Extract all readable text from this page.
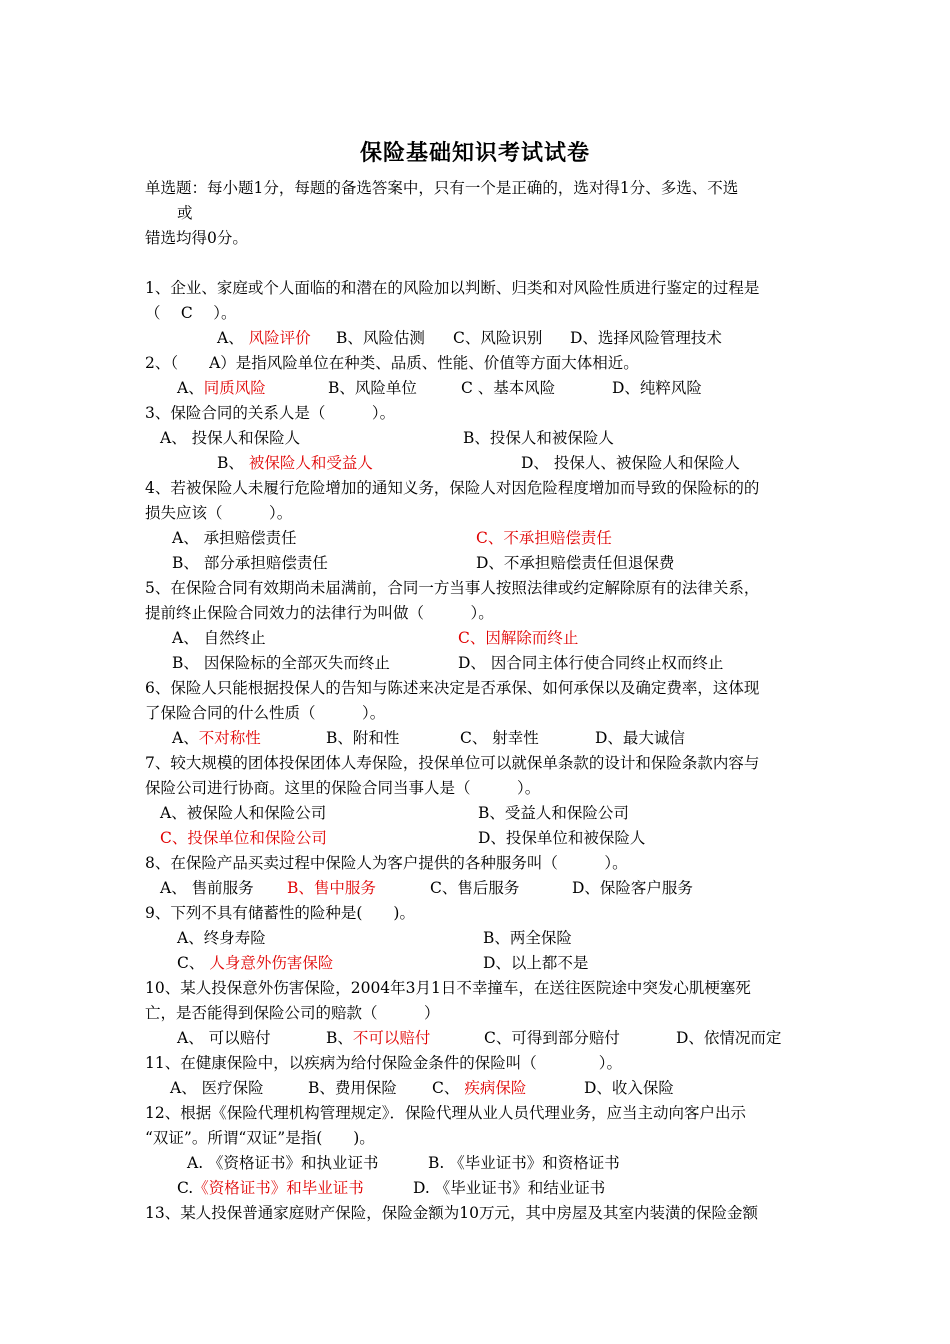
保险基础知识考试试卷
单选题：每小题1分，每题的备选答案中，只有一个是正确的，选对得1分、多选、不选
或
错选均得0分。
1、企业、家庭或个人面临的和潜在的风险加以判断、归类和对风险性质进行鉴定的过程是
（　 C　 ）。
A、 风险评价 B、风险估测 C、风险识别 D、选择风险管理技术
2、（　　A）是指风险单位在种类、品质、性能、价值等方面大体相近。
A、同质风险	B、风险单位	C 、基本风险	D、纯粹风险
3、保险合同的关系人是（　　　）。
A、 投保人和保险人	B、投保人和被保险人
B、 被保险人和受益人	D、 投保人、被保险人和保险人
4、若被保险人未履行危险增加的通知义务，保险人对因危险程度增加而导致的保险标的的
损失应该（　　　）。
A、 承担赔偿责任	C、不承担赔偿责任
B、 部分承担赔偿责任	D、不承担赔偿责任但退保费
5、在保险合同有效期尚未届满前，合同一方当事人按照法律或约定解除原有的法律关系，
提前终止保险合同效力的法律行为叫做（　　　）。
A、 自然终止	C、因解除而终止
B、 因保险标的全部灭失而终止	D、 因合同主体行使合同终止权而终止
6、保险人只能根据投保人的告知与陈述来决定是否承保、如何承保以及确定费率，这体现
了保险合同的什么性质（　　　）。
A、不对称性	B、附和性	C、 射幸性	D、最大诚信
7、较大规模的团体投保团体人寿保险，投保单位可以就保单条款的设计和保险条款内容与
保险公司进行协商。这里的保险合同当事人是（　　　）。
A、被保险人和保险公司	B、受益人和保险公司
C、投保单位和保险公司	D、投保单位和被保险人
8、在保险产品买卖过程中保险人为客户提供的各种服务叫（　　　）。
A、 售前服务 B、售中服务	C、售后服务	D、保险客户服务
9、下列不具有储蓄性的险种是(　　)。
A、终身寿险	B、两全保险
C、 人身意外伤害保险	D、以上都不是
10、某人投保意外伤害保险，2004年3月1日不幸撞车，在送往医院途中突发心肌梗塞死
亡，是否能得到保险公司的赔款（　　　）
A、 可以赔付	B、不可以赔付	C、可得到部分赔付	D、依情况而定
11、在健康保险中，以疾病为给付保险金条件的保险叫（　　　　）。
A、 医疗保险	B、费用保险 C、 疾病保险	D、收入保险
12、根据《保险代理机构管理规定》．保险代理从业人员代理业务，应当主动向客户出示
“双证”。所谓“双证”是指(　　)。
A. 《资格证书》和执业证书	B. 《毕业证书》和资格证书
C.《资格证书》和毕业证书	D. 《毕业证书》和结业证书
13、某人投保普通家庭财产保险，保险金额为10万元，其中房屋及其室内装潢的保险金额
